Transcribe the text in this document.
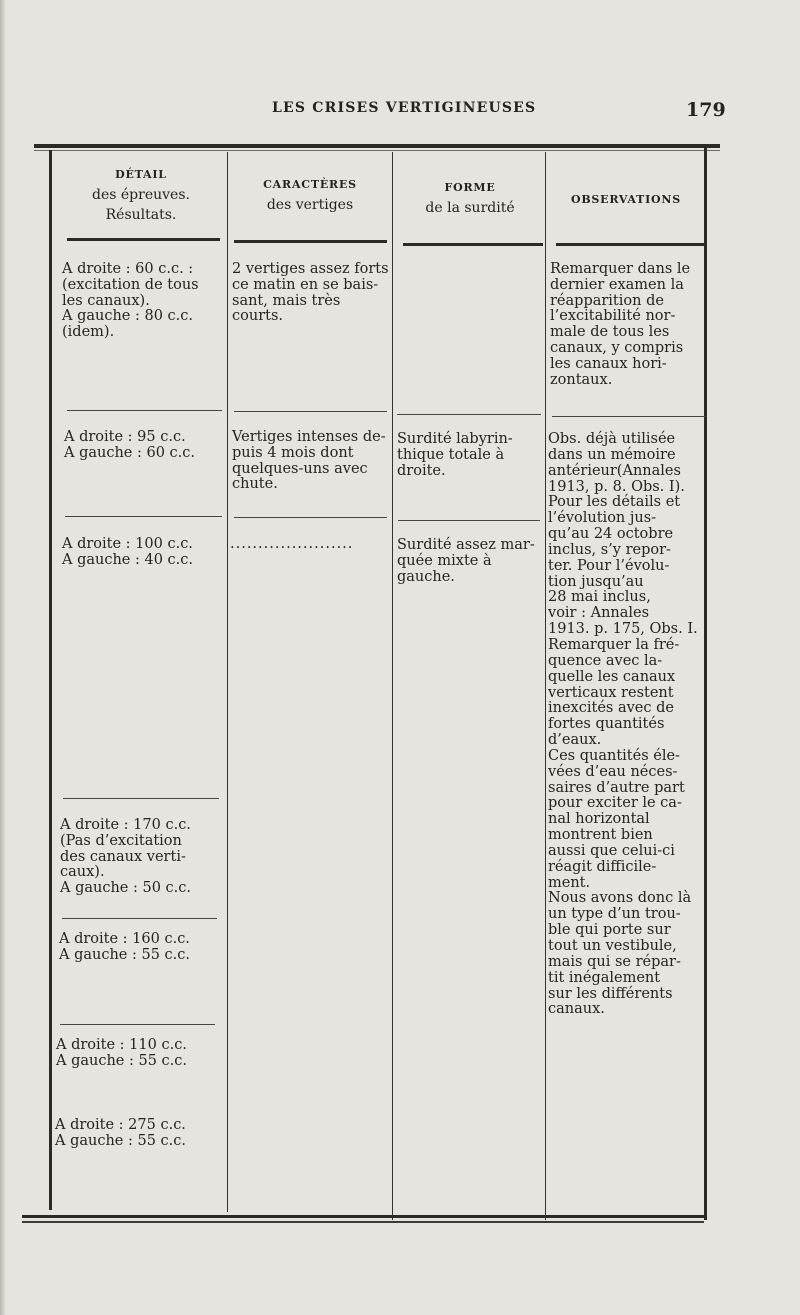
LES CRISES VERTIGINEUSES	179
DÉTAIL
des épreuves.
Résultats.
CARACTÈRES
des vertiges
FORME
de la surdité
OBSERVATIONS
A droite : 60 c.c. :
(excitation de tous
les canaux).
A gauche : 80 c.c.
(idem).
A droite : 95 c.c.
A gauche : 60 c.c.
A droite : 100 c.c.
A gauche : 40 c.c.
A droite : 170 c.c.
(Pas d’excitation
des canaux verti-
caux).
A gauche : 50 c.c.
A droite : 160 c.c.
A gauche : 55 c.c.
A droite : 110 c.c.
A gauche : 55 c.c.
A droite : 275 c.c.
A gauche : 55 c.c.
2 vertiges assez forts
ce matin en se bais-
sant, mais très
courts.
Vertiges intenses de-
puis 4 mois dont
quelques-uns avec
chute.
......................
Surdité labyrin-
thique totale à
droite.
Surdité assez mar-
quée mixte à
gauche.
Remarquer dans le
dernier examen la
réapparition de
l’excitabilité nor-
male de tous les
canaux, y compris
les canaux hori-
zontaux.
Obs. déjà utilisée
dans un mémoire
antérieur(Annales
1913, p. 8. Obs. I).
Pour les détails et
l’évolution jus-
qu’au 24 octobre
inclus, s’y repor-
ter. Pour l’évolu-
tion jusqu’au
28 mai inclus,
voir : Annales
1913. p. 175, Obs. I.
Remarquer la fré-
quence avec la-
quelle les canaux
verticaux restent
inexcités avec de
fortes quantités
d’eaux.
Ces quantités éle-
vées d’eau néces-
saires d’autre part
pour exciter le ca-
nal horizontal
montrent bien
aussi que celui-ci
réagit difficile-
ment.
Nous avons donc là
un type d’un trou-
ble qui porte sur
tout un vestibule,
mais qui se répar-
tit inégalement
sur les différents
canaux.
